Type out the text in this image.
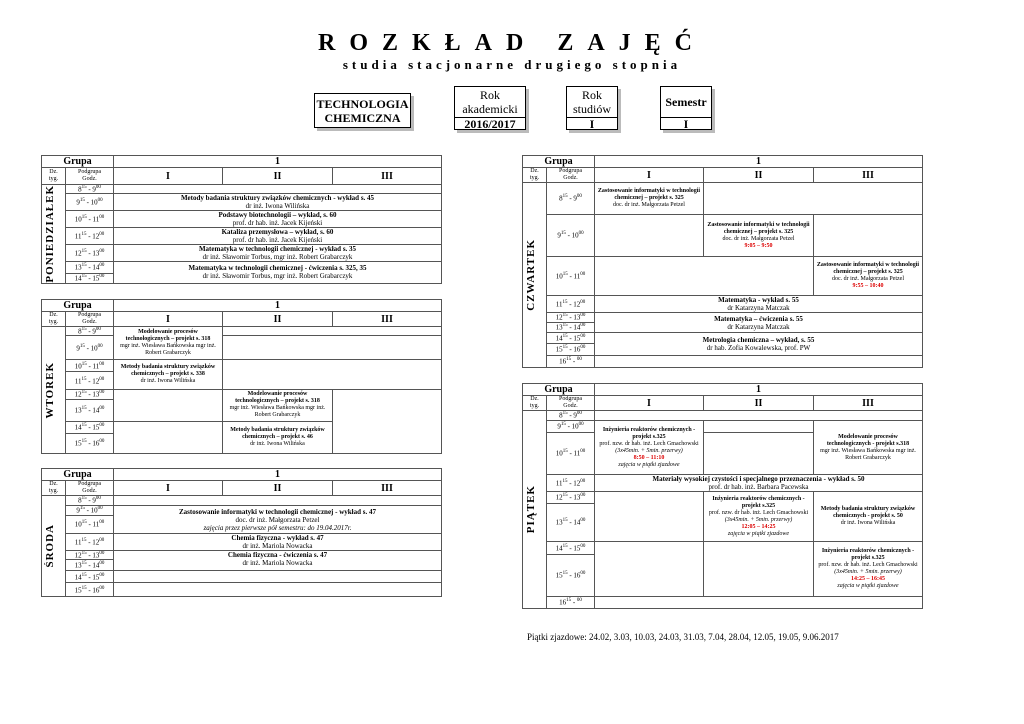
ROZKŁAD ZAJĘĆ
studia stacjonarne drugiego stopnia
TECHNOLOGIA CHEMICZNA
Rok akademicki
2016/2017
Rok studiów
I
Semestr
I
Grupa		1		
Dz. tyg.	Podgrupa
Godz.	I	II	III

PONIEDZIAŁEK	$8^{15} - 9^{00}$	
	$9^{15} - 10^{00}$	Metody badania struktury związków chemicznych - wykład s. 45
dr inż. Iwona Wilińska		
	$10^{15} - 11^{00}$	Podstawy biotechnologii – wykład, s. 60
prof. dr hab. inż. Jacek Kijeński		
	$11^{15} - 12^{00}$	Kataliza przemysłowa – wykład, s. 60
prof. dr hab. inż. Jacek Kijeński		
	$12^{15} - 13^{00}$	Matematyka w technologii chemicznej - wykład s. 35
dr inż. Sławomir Torbus, mgr inż. Robert Grabarczyk		
	$13^{15} - 14^{00}$	Matematyka w technologii chemicznej - ćwiczenia s. 325, 35
dr inż. Sławomir Torbus, mgr inż. Robert Grabarczyk		
	$14^{15} - 15^{00}$
Grupa		1		
Dz. tyg.	Podgrupa
Godz.	I	II	III

WTOREK	$8^{15} - 9^{00}$	Modelowanie procesów technologicznych – projekt s. 318
mgr inż. Wiesława Bańkowska mgr inż. Robert Grabarczyk		
	$9^{15} - 10^{00}$	
	$10^{15} - 11^{00}$	Metody badania struktury związków chemicznych – projekt s. 338
dr inż. Iwona Wilińska		
	$11^{15} - 12^{00}$
	$12^{15} - 13^{00}$		Modelowanie procesów technologicznych – projekt s. 318
mgr inż. Wiesława Bańkowska mgr inż. Robert Grabarczyk	
	$13^{15} - 14^{00}$
	$14^{15} - 15^{00}$		Metody badania struktury związków chemicznych – projekt s. 46
dr inż. Iwona Wilińska	
	$15^{15} - 16^{00}$
Grupa		1		
Dz. tyg.	Podgrupa
Godz.	I	II	III

ŚRODA	$8^{15} - 9^{00}$	
	$9^{15} - 10^{00}$	Zastosowanie informatyki w technologii chemicznej - wykład s. 47
doc. dr inż. Małgorzata Petzel
zajęcia przez pierwsze pół semestru: do 19.04.2017r.		
	$10^{15} - 11^{00}$
	$11^{15} - 12^{00}$	Chemia fizyczna - wykład s. 47
dr inż. Mariola Nowacka		
	$12^{15} - 13^{00}$	Chemia fizyczna - ćwiczenia s. 47
dr inż. Mariola Nowacka		
	$13^{15} - 14^{00}$
	$14^{15} - 15^{00}$	
	$15^{15} - 16^{00}$	
Grupa		1		
Dz. tyg.	Podgrupa
Godz.	I	II	III

CZWARTEK	$8^{15} - 9^{00}$	Zastosowanie informatyki w technologii chemicznej – projekt s. 325
doc. dr inż. Małgorzata Petzel		
	$9^{15} - 10^{00}$		Zastosowanie informatyki w technologii chemicznej – projekt s. 325
doc. dr inż. Małgorzata Petzel
9:05 – 9:50	
	$10^{15} - 11^{00}$			Zastosowanie informatyki w technologii chemicznej – projekt s. 325
doc. dr inż. Małgorzata Petzel
9:55 – 10:40
	$11^{15} - 12^{00}$	Matematyka - wykład s. 55
dr Katarzyna Matczak		
	$12^{15} - 13^{00}$	Matematyka – ćwiczenia s. 55
dr Katarzyna Matczak		
	$13^{15} - 14^{00}$
	$14^{15} - 15^{00}$	Metrologia chemiczna – wykład, s. 55
dr hab. Zofia Kowalewska, prof. PW		
	$15^{15} - 16^{00}$
	$16^{15} - ^{00}$	
Grupa		1		
Dz. tyg.	Podgrupa
Godz.	I	II	III

PIĄTEK	$8^{15} - 9^{00}$	
	$9^{15} - 10^{00}$	Inżynieria reaktorów chemicznych - projekt s.325
prof. nzw. dr hab. inż. Lech Gmachowski
(3x45min. + 5min. przerwy)
8:50 – 11:10
zajęcia w piątki zjazdowe		Modelowanie procesów technologicznych - projekt s.318
mgr inż. Wiesława Bańkowska mgr inż. Robert Grabarczyk
	$10^{15} - 11^{00}$	
	$11^{15} - 12^{00}$	Materiały wysokiej czystości i specjalnego przeznaczenia - wykład s. 50
prof. dr hab. inż. Barbara Pacewska		
	$12^{15} - 13^{00}$		Inżynieria reaktorów chemicznych - projekt s.325
prof. nzw. dr hab. inż. Lech Gmachowski
(3x45min. + 5min. przerwy)
12:05 – 14:25
zajęcia w piątki zjazdowe	Metody badania struktury związków chemicznych - projekt s. 50
dr inż. Iwona Wilińska
	$13^{15} - 14^{00}$
	$14^{15} - 15^{00}$			Inżynieria reaktorów chemicznych - projekt s.325
prof. nzw. dr hab. inż. Lech Gmachowski
(3x45min. + 5min. przerwy)
14:25 – 16:45
zajęcia w piątki zjazdowe
	$15^{15} - 16^{00}$
	$16^{15} - ^{00}$	
Piątki zjazdowe: 24.02, 3.03, 10.03, 24.03, 31.03, 7.04, 28.04, 12.05, 19.05, 9.06.2017
